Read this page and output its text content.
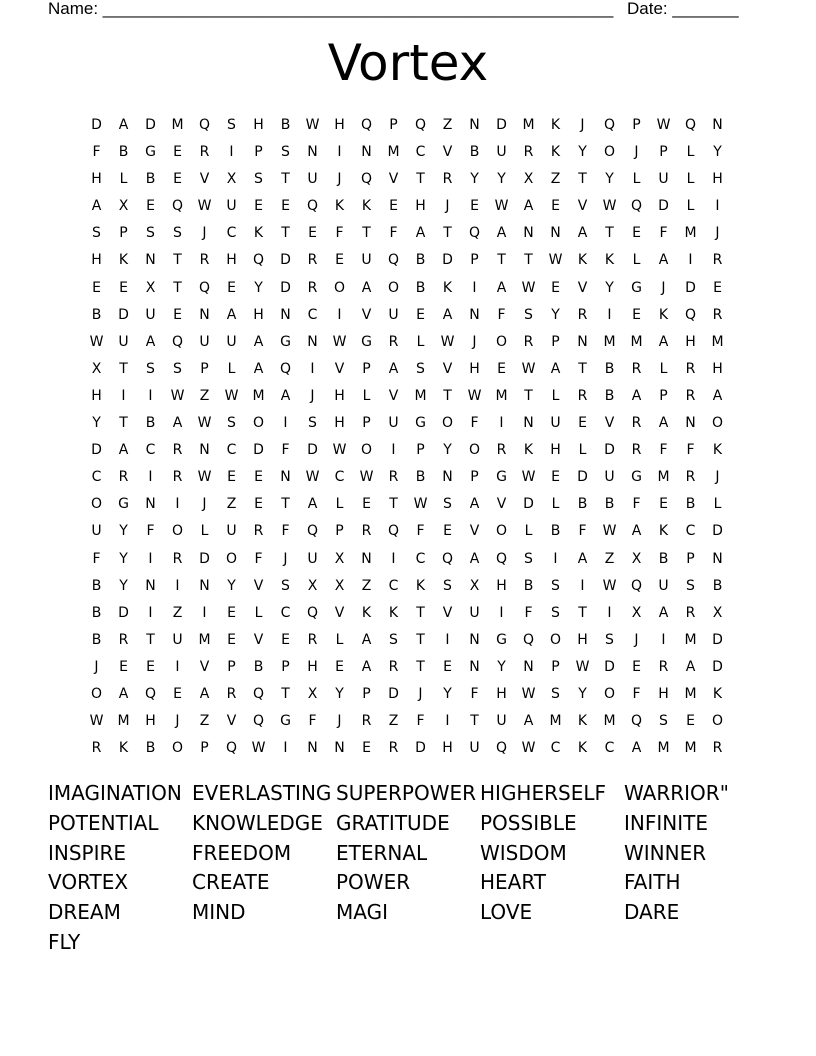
Name: ______________________________________________________ Date: _______
Vortex
D	A	D	M	Q	S	H	B	W	H	Q	P	Q	Z	N	D	M	K	J	Q	P	W	Q	N
F	B	G	E	R	I	P	S	N	I	N	M	C	V	B	U	R	K	Y	O	J	P	L	Y
H	L	B	E	V	X	S	T	U	J	Q	V	T	R	Y	Y	X	Z	T	Y	L	U	L	H
A	X	E	Q	W	U	E	E	Q	K	K	E	H	J	E	W	A	E	V	W	Q	D	L	I
S	P	S	S	J	C	K	T	E	F	T	F	A	T	Q	A	N	N	A	T	E	F	M	J
H	K	N	T	R	H	Q	D	R	E	U	Q	B	D	P	T	T	W	K	K	L	A	I	R
E	E	X	T	Q	E	Y	D	R	O	A	O	B	K	I	A	W	E	V	Y	G	J	D	E
B	D	U	E	N	A	H	N	C	I	V	U	E	A	N	F	S	Y	R	I	E	K	Q	R
W	U	A	Q	U	U	A	G	N	W	G	R	L	W	J	O	R	P	N	M	M	A	H	M
X	T	S	S	P	L	A	Q	I	V	P	A	S	V	H	E	W	A	T	B	R	L	R	H
H	I	I	W	Z	W	M	A	J	H	L	V	M	T	W	M	T	L	R	B	A	P	R	A
Y	T	B	A	W	S	O	I	S	H	P	U	G	O	F	I	N	U	E	V	R	A	N	O
D	A	C	R	N	C	D	F	D	W	O	I	P	Y	O	R	K	H	L	D	R	F	F	K
C	R	I	R	W	E	E	N	W	C	W	R	B	N	P	G	W	E	D	U	G	M	R	J
O	G	N	I	J	Z	E	T	A	L	E	T	W	S	A	V	D	L	B	B	F	E	B	L
U	Y	F	O	L	U	R	F	Q	P	R	Q	F	E	V	O	L	B	F	W	A	K	C	D
F	Y	I	R	D	O	F	J	U	X	N	I	C	Q	A	Q	S	I	A	Z	X	B	P	N
B	Y	N	I	N	Y	V	S	X	X	Z	C	K	S	X	H	B	S	I	W	Q	U	S	B
B	D	I	Z	I	E	L	C	Q	V	K	K	T	V	U	I	F	S	T	I	X	A	R	X
B	R	T	U	M	E	V	E	R	L	A	S	T	I	N	G	Q	O	H	S	J	I	M	D
J	E	E	I	V	P	B	P	H	E	A	R	T	E	N	Y	N	P	W	D	E	R	A	D
O	A	Q	E	A	R	Q	T	X	Y	P	D	J	Y	F	H	W	S	Y	O	F	H	M	K
W	M	H	J	Z	V	Q	G	F	J	R	Z	F	I	T	U	A	M	K	M	Q	S	E	O
R	K	B	O	P	Q	W	I	N	N	E	R	D	H	U	Q	W	C	K	C	A	M	M	R
IMAGINATION EVERLASTING SUPERPOWER HIGHERSELF WARRIOR"
POTENTIAL	KNOWLEDGE GRATITUDE	POSSIBLE	INFINITE
INSPIRE	FREEDOM	ETERNAL	WISDOM	WINNER
VORTEX	CREATE	POWER	HEART	FAITH
DREAM	MIND	MAGI	LOVE	DARE
FLY
